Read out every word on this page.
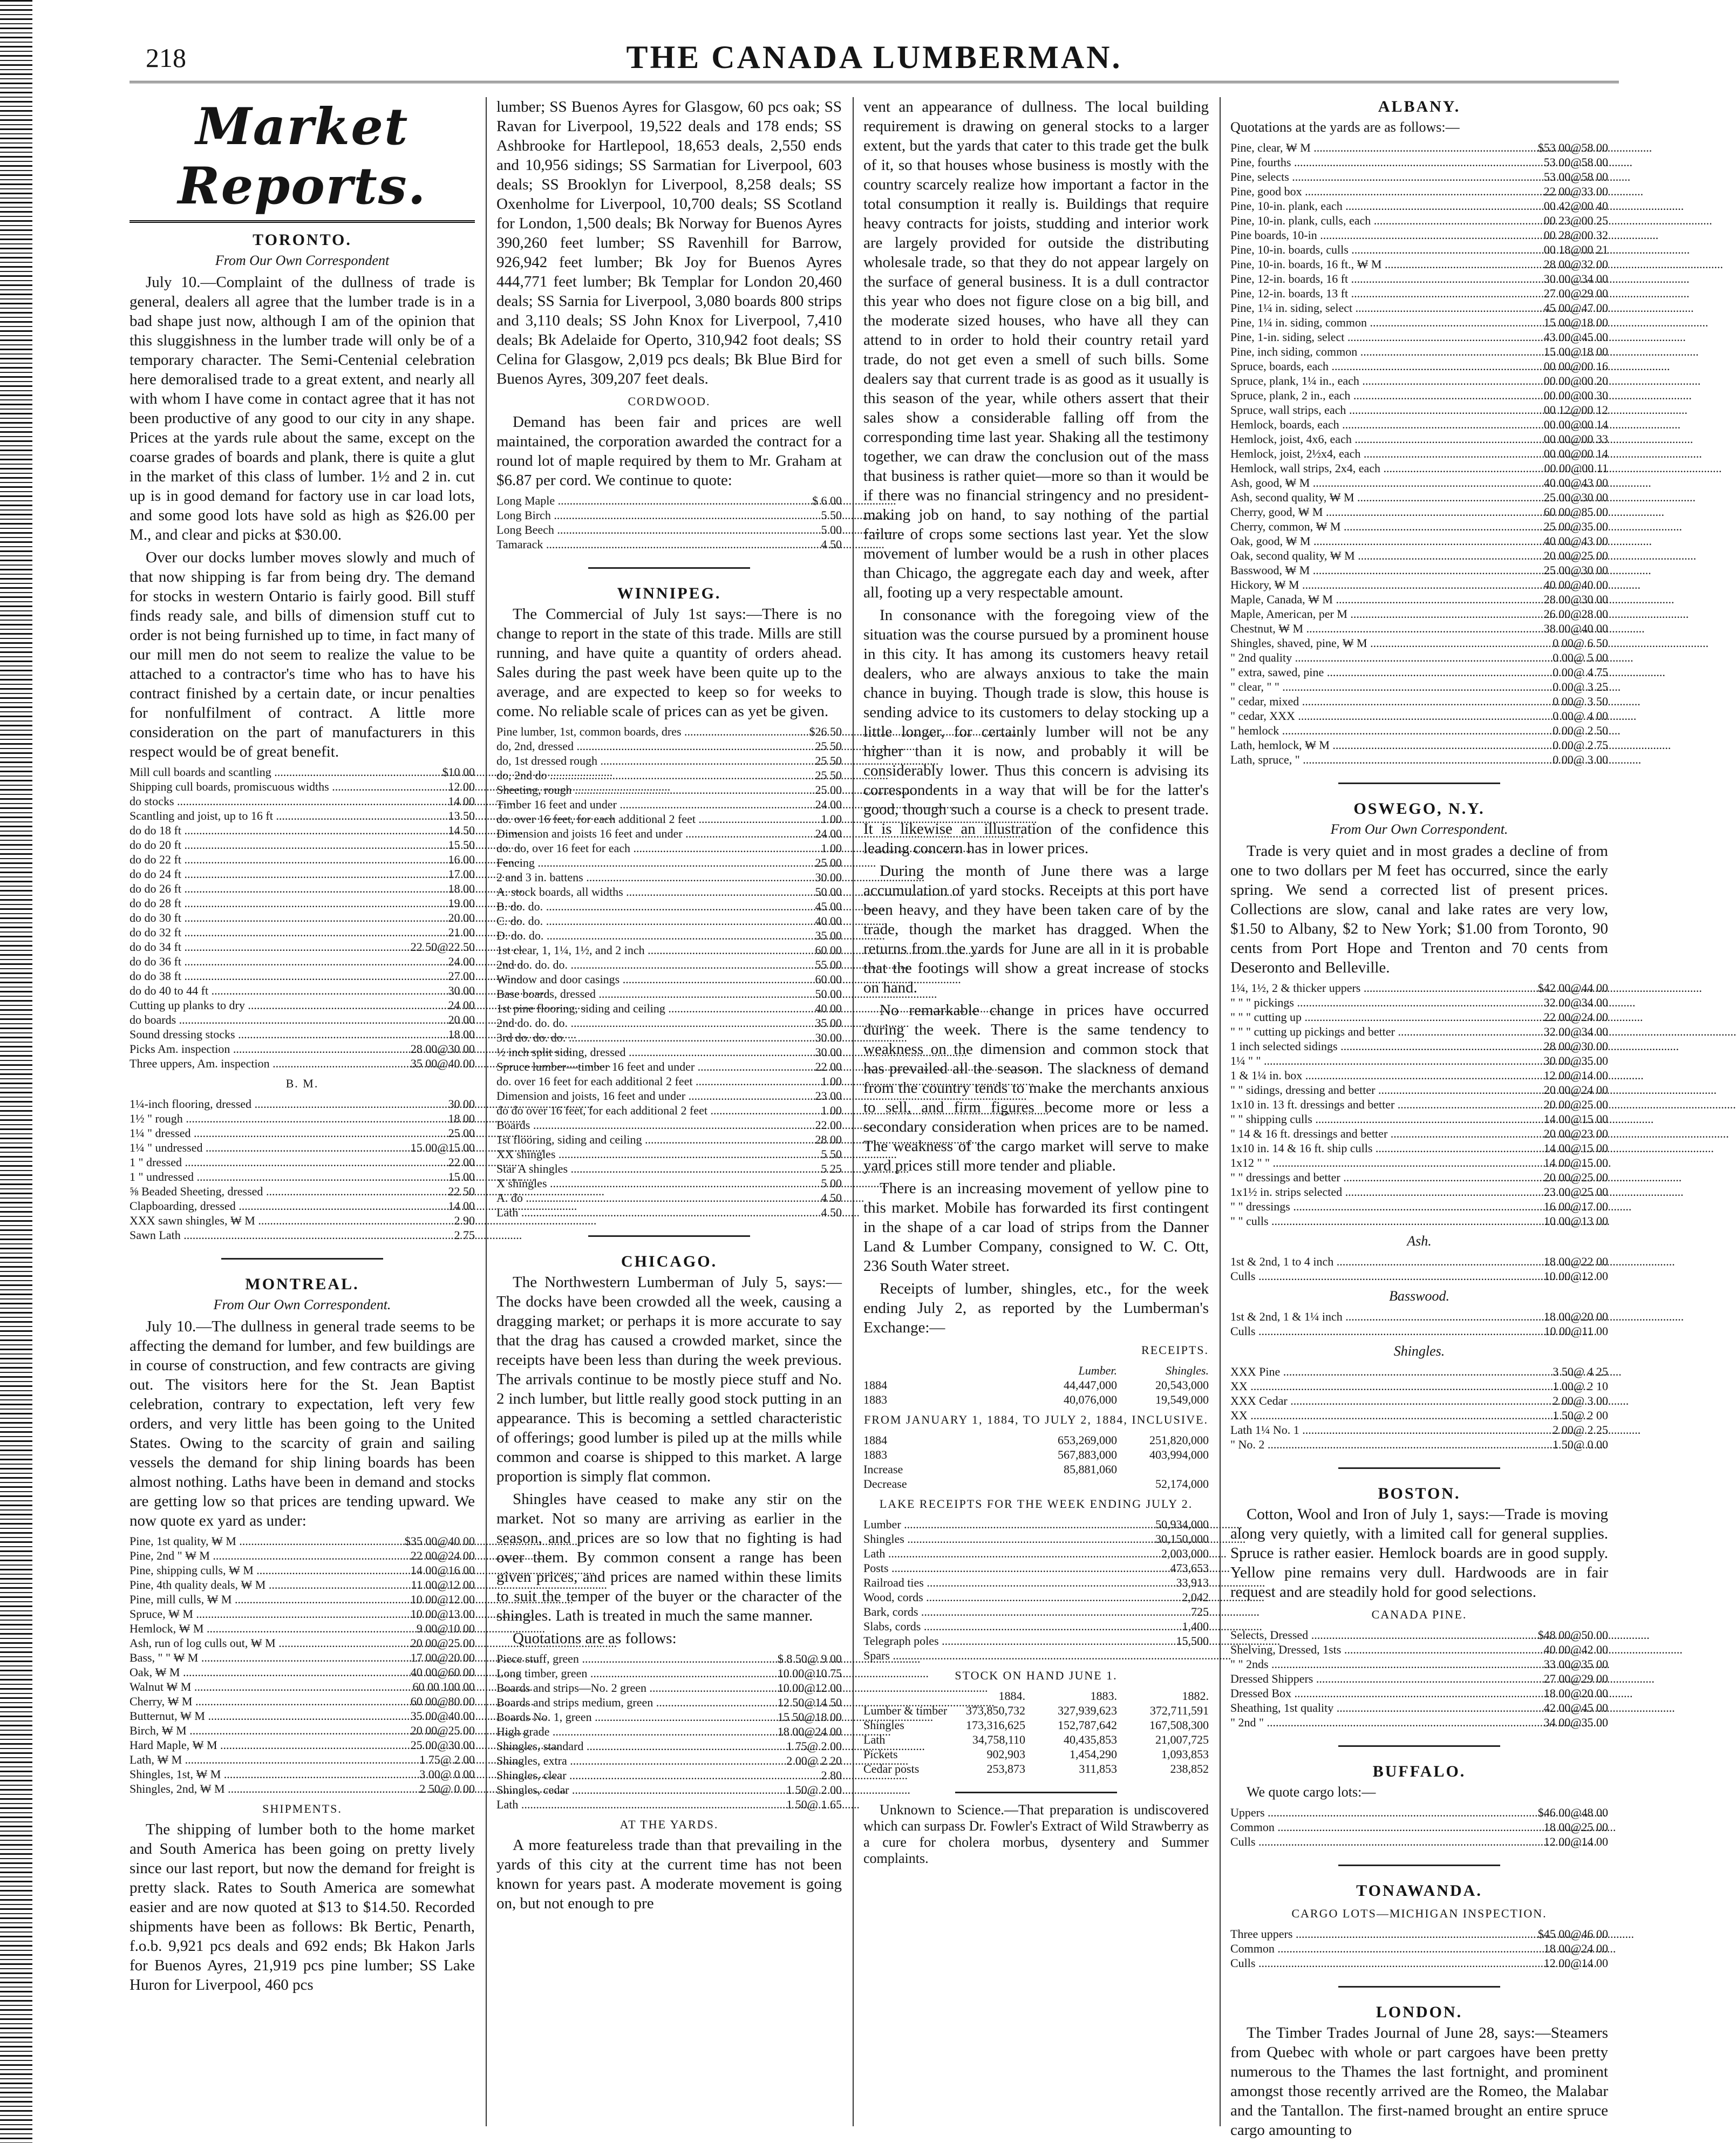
218	THE CANADA LUMBERMAN.
Market Reports.
TORONTO.
From Our Own Correspondent

July 10.—Complaint of the dullness of trade is general, dealers all agree that the lumber trade is in a bad shape just now, although I am of the opinion that this sluggishness in the lumber trade will only be of a temporary character. The Semi-Centenial celebration here demoralised trade to a great extent, and nearly all with whom I have come in contact agree that it has not been productive of any good to our city in any shape. Prices at the yards rule about the same, except on the coarse grades of boards and plank, there is quite a glut in the market of this class of lumber. 1½ and 2 in. cut up is in good demand for factory use in car load lots, and some good lots have sold as high as $26.00 per M., and clear and picks at $30.00.

Over our docks lumber moves slowly and much of that now shipping is far from being dry. The demand for stocks in western Ontario is fairly good. Bill stuff finds ready sale, and bills of dimension stuff cut to order is not being furnished up to time, in fact many of our mill men do not seem to realize the value to be attached to a contractor's time who has to have his contract finished by a certain date, or incur penalties for nonfulfilment of contract. A little more consideration on the part of manufacturers in this respect would be of great benefit.

Mill cull boards and scantling .....	$10 00
Shipping cull boards, promiscuous widths .....	12 00
do stocks .....	14 00
Scantling and joist, up to 16 ft .....	13 50
do do 18 ft .....	14 50
do do 20 ft .....	15 50
do do 22 ft .....	16 00
do do 24 ft .....	17 00
do do 26 ft .....	18 00
do do 28 ft .....	19 00
do do 30 ft .....	20 00
do do 32 ft .....	21 00
do do 34 ft .....	22 50@22 50
do do 36 ft .....	24 00
do do 38 ft .....	27 00
do do 40 to 44 ft .....	30 00
Cutting up planks to dry .....	24 00
do boards .....	20 00
Sound dressing stocks .....	18 00
Picks Am. inspection .....	28 00@30 00
Three uppers, Am. inspection .....	35 00@40 00
B. M.
1¼-inch flooring, dressed .....	30 00
1½ " rough .....	18 00
1¼ " dressed .....	25 00
1¼ " undressed .....	15 00@15 00
1 " dressed .....	22 00
1 " undressed .....	15 00
⅝ Beaded Sheeting, dressed .....	22 50
Clapboarding, dressed .....	14 00
XXX sawn shingles, ₩ M .....	2 90
Sawn Lath .....	2 75
MONTREAL.
From Our Own Correspondent.

July 10.—The dullness in general trade seems to be affecting the demand for lumber, and few buildings are in course of construction, and few contracts are giving out. The visitors here for the St. Jean Baptist celebration, contrary to expectation, left very few orders, and very little has been going to the United States. Owing to the scarcity of grain and sailing vessels the demand for ship lining boards has been almost nothing. Laths have been in demand and stocks are getting low so that prices are tending upward. We now quote ex yard as under:

Pine, 1st quality, ₩ M .....	$35 00@40 00
Pine, 2nd " ₩ M .....	22 00@24 00
Pine, shipping culls, ₩ M .....	14 00@16 00
Pine, 4th quality deals, ₩ M .....	11 00@12 00
Pine, mill culls, ₩ M .....	10 00@12 00
Spruce, ₩ M .....	10 00@13 00
Hemlock, ₩ M .....	9 00@10 00
Ash, run of log culls out, ₩ M .....	20 00@25 00
Bass, " " ₩ M .....	17 00@20 00
Oak, ₩ M .....	40 00@60 00
Walnut ₩ M .....	60 00 100 00
Cherry, ₩ M .....	60 00@80 00
Butternut, ₩ M .....	35 00@40 00
Birch, ₩ M .....	20 00@25 00
Hard Maple, ₩ M .....	25 00@30 00
Lath, ₩ M .....	1 75@ 2 00
Shingles, 1st, ₩ M .....	3 00@ 0 00
Shingles, 2nd, ₩ M .....	2 50@ 0 00
SHIPMENTS.

The shipping of lumber both to the home market and South America has been going on pretty lively since our last report, but now the demand for freight is pretty slack. Rates to South America are somewhat easier and are now quoted at $13 to $14.50. Recorded shipments have been as follows: Bk Bertic, Penarth, f.o.b. 9,921 pcs deals and 692 ends; Bk Hakon Jarls for Buenos Ayres, 21,919 pcs pine lumber; SS Lake Huron for Liverpool, 460 pcs

lumber; SS Buenos Ayres for Glasgow, 60 pcs oak; SS Ravan for Liverpool, 19,522 deals and 178 ends; SS Ashbrooke for Hartlepool, 18,653 deals, 2,550 ends and 10,956 sidings; SS Sarmatian for Liverpool, 603 deals; SS Brooklyn for Liverpool, 8,258 deals; SS Oxenholme for Liverpool, 10,700 deals; SS Scotland for London, 1,500 deals; Bk Norway for Buenos Ayres 390,260 feet lumber; SS Ravenhill for Barrow, 926,942 feet lumber; Bk Joy for Buenos Ayres 444,771 feet lumber; Bk Templar for London 20,460 deals; SS Sarnia for Liverpool, 3,080 boards 800 strips and 3,110 deals; SS John Knox for Liverpool, 7,410 deals; Bk Adelaide for Operto, 310,942 foot deals; SS Celina for Glasgow, 2,019 pcs deals; Bk Blue Bird for Buenos Ayres, 309,207 feet deals.

CORDWOOD.

Demand has been fair and prices are well maintained, the corporation awarded the contract for a round lot of maple required by them to Mr. Graham at $6.87 per cord. We continue to quote:

Long Maple .....	$ 6 00
Long Birch .....	5 50
Long Beech .....	5 00
Tamarack .....	4 50
WINNIPEG.

The Commercial of July 1st says:—There is no change to report in the state of this trade. Mills are still running, and have quite a quantity of orders ahead. Sales during the past week have been quite up to the average, and are expected to keep so for weeks to come. No reliable scale of prices can as yet be given.

Pine lumber, 1st, common boards, dres .....	$26 50
do, 2nd, dressed .....	25 50
do, 1st dressed rough .....	25 50
do, 2nd do .....	25 50
Sheeting, rough .....	25 00
Timber 16 feet and under .....	24 00
do. over 16 feet, for each additional 2 feet .....	1 00
Dimension and joists 16 feet and under .....	24 00
do. do, over 16 feet for each .....	1 00
Fencing .....	25 00
2 and 3 in. battens .....	30 00
A. stock boards, all widths .....	50 00
B. do. do. .....	45 00
C. do. do. .....	40 00
D. do. do. .....	35 00
1st clear, 1, 1¼, 1½, and 2 inch .....	60 00
2nd do. do. do. .....	55 00
Window and door casings .....	60 00
Base boards, dressed .....	50 00
1st pine flooring, siding and ceiling .....	40 00
2nd do. do. do. .....	35 00
3rd do. do. do. .....	30 00
½ inch split siding, dressed .....	30 00
Spruce lumber—timber 16 feet and under .....	22 00
do. over 16 feet for each additional 2 feet .....	1 00
Dimension and joists, 16 feet and under .....	23 00
do do over 16 feet, for each additional 2 feet .....	1 00
Boards .....	22 00
1st flooring, siding and ceiling .....	28 00
XX shingles .....	5 50
Star A shingles .....	5 25
X shingles .....	5 00
A. do .....	4 50
Lath .....	4 50
CHICAGO.

The Northwestern Lumberman of July 5, says:—The docks have been crowded all the week, causing a dragging market; or perhaps it is more accurate to say that the drag has caused a crowded market, since the receipts have been less than during the week previous. The arrivals continue to be mostly piece stuff and No. 2 inch lumber, but little really good stock putting in an appearance. This is becoming a settled characteristic of offerings; good lumber is piled up at the mills while common and coarse is shipped to this market. A large proportion is simply flat common.

Shingles have ceased to make any stir on the market. Not so many are arriving as earlier in the season, and prices are so low that no fighting is had over them. By common consent a range has been given prices, and prices are named within these limits to suit the temper of the buyer or the character of the shingles. Lath is treated in much the same manner.

Quotations are as follows:

Piece stuff, green .....	$ 8 50@ 9 00
Long timber, green .....	10 00@10 75
Boards and strips—No. 2 green .....	10 00@12 00
Boards and strips medium, green .....	12 50@14 50
Boards No. 1, green .....	15 50@18 00
High grade .....	18 00@24 00
Shingles, standard .....	1 75@ 2 00
Shingles, extra .....	2 00@ 2 20
Shingles, clear .....	2 80
Shingles, cedar .....	1 50@ 2 00
Lath .....	1 50@ 1 65
AT THE YARDS.

A more featureless trade than that prevailing in the yards of this city at the current time has not been known for years past. A moderate movement is going on, but not enough to pre

vent an appearance of dullness. The local building requirement is drawing on general stocks to a larger extent, but the yards that cater to this trade get the bulk of it, so that houses whose business is mostly with the country scarcely realize how important a factor in the total consumption it really is. Buildings that require heavy contracts for joists, studding and interior work are largely provided for outside the distributing wholesale trade, so that they do not appear largely on the surface of general business. It is a dull contractor this year who does not figure close on a big bill, and the moderate sized houses, who have all they can attend to in order to hold their country retail yard trade, do not get even a smell of such bills. Some dealers say that current trade is as good as it usually is this season of the year, while others assert that their sales show a considerable falling off from the corresponding time last year. Shaking all the testimony together, we can draw the conclusion out of the mass that business is rather quiet—more so than it would be if there was no financial stringency and no president-making job on hand, to say nothing of the partial failure of crops some sections last year. Yet the slow movement of lumber would be a rush in other places than Chicago, the aggregate each day and week, after all, footing up a very respectable amount.

In consonance with the foregoing view of the situation was the course pursued by a prominent house in this city. It has among its customers heavy retail dealers, who are always anxious to take the main chance in buying. Though trade is slow, this house is sending advice to its customers to delay stocking up a little longer, for certainly lumber will not be any higher than it is now, and probably it will be considerably lower. Thus this concern is advising its correspondents in a way that will be for the latter's good, though such a course is a check to present trade. It is likewise an illustration of the confidence this leading concern has in lower prices.

During the month of June there was a large accumulation of yard stocks. Receipts at this port have been heavy, and they have been taken care of by the trade, though the market has dragged. When the returns from the yards for June are all in it is probable that the footings will show a great increase of stocks on hand.

No remarkable change in prices have occurred during the week. There is the same tendency to weakness on the dimension and common stock that has prevailed all the season. The slackness of demand from the country tends to make the merchants anxious to sell, and firm figures become more or less a secondary consideration when prices are to be named. The weakness of the cargo market will serve to make yard prices still more tender and pliable.

There is an increasing movement of yellow pine to this market. Mobile has forwarded its first contingent in the shape of a car load of strips from the Danner Land & Lumber Company, consigned to W. C. Ott, 236 South Water street.

Receipts of lumber, shingles, etc., for the week ending July 2, as reported by the Lumberman's Exchange:—

RECEIPTS.
	Lumber.	Shingles.
1884	44,447,000	20,543,000
1883	40,076,000	19,549,000
FROM JANUARY 1, 1884, TO JULY 2, 1884, INCLUSIVE.
1884	653,269,000	251,820,000
1883	567,883,000	403,994,000
Increase	85,881,060	
Decrease		52,174,000
LAKE RECEIPTS FOR THE WEEK ENDING JULY 2.
Lumber .....	50,934,000
Shingles .....	30,150,000
Lath .....	2,003,000
Posts .....	473,653
Railroad ties .....	33,913
Wood, cords .....	2,042
Bark, cords .....	725
Slabs, cords .....	1,400
Telegraph poles .....	15,500
Spars .....	
STOCK ON HAND JUNE 1.
	1884.	1883.	1882.
Lumber & timber	373,850,732	327,939,623	372,711,591
Shingles	173,316,625	152,787,642	167,508,300
Lath	34,758,110	40,435,853	21,007,725
Pickets	902,903	1,454,290	1,093,853
Cedar posts	253,873	311,853	238,852

Unknown to Science.—That preparation is undiscovered which can surpass Dr. Fowler's Extract of Wild Strawberry as a cure for cholera morbus, dysentery and Summer complaints.

ALBANY.
Quotations at the yards are as follows:—
Pine, clear, ₩ M .....	$53 00@58 00
Pine, fourths .....	53 00@58 00
Pine, selects .....	53 00@58 00
Pine, good box .....	22 00@33 00
Pine, 10-in. plank, each .....	00 42@00 40
Pine, 10-in. plank, culls, each .....	00 23@00 25
Pine boards, 10-in .....	00 28@00 32
Pine, 10-in. boards, culls .....	00 18@00 21
Pine, 10-in. boards, 16 ft., ₩ M .....	28 00@32 00
Pine, 12-in. boards, 16 ft .....	30 00@34 00
Pine, 12-in. boards, 13 ft .....	27 00@29 00
Pine, 1¼ in. siding, select .....	45 00@47 00
Pine, 1¼ in. siding, common .....	15 00@18 00
Pine, 1-in. siding, select .....	43 00@45 00
Pine, inch siding, common .....	15 00@18 00
Spruce, boards, each .....	00 00@00 16
Spruce, plank, 1¼ in., each .....	00 00@00 20
Spruce, plank, 2 in., each .....	00 00@00 30
Spruce, wall strips, each .....	00 12@00 12
Hemlock, boards, each .....	00 00@00 14
Hemlock, joist, 4x6, each .....	00 00@00 33
Hemlock, joist, 2½x4, each .....	00 00@00 14
Hemlock, wall strips, 2x4, each .....	00 00@00 11
Ash, good, ₩ M .....	40 00@43 00
Ash, second quality, ₩ M .....	25 00@30 00
Cherry, good, ₩ M .....	60 00@85 00
Cherry, common, ₩ M .....	25 00@35 00
Oak, good, ₩ M .....	40 00@43 00
Oak, second quality, ₩ M .....	20 00@25 00
Basswood, ₩ M .....	25 00@30 00
Hickory, ₩ M .....	40 00@40 00
Maple, Canada, ₩ M .....	28 00@30 00
Maple, American, per M .....	26 00@28 00
Chestnut, ₩ M .....	38 00@40 00
Shingles, shaved, pine, ₩ M .....	0 00@ 6 50
" 2nd quality .....	0 00@ 5 00
" extra, sawed, pine .....	0 00@ 4 75
" clear, " " .....	0 00@ 3 25
" cedar, mixed .....	0 00@ 3 50
" cedar, XXX .....	0 00@ 4 00
" hemlock .....	0 00@ 2 50
Lath, hemlock, ₩ M .....	0 00@ 2 75
Lath, spruce, " .....	0 00@ 3 00
OSWEGO, N.Y.
From Our Own Correspondent.

Trade is very quiet and in most grades a decline of from one to two dollars per M feet has occurred, since the early spring. We send a corrected list of present prices. Collections are slow, canal and lake rates are very low, $1.50 to Albany, $2 to New York; $1.00 from Toronto, 90 cents from Port Hope and Trenton and 70 cents from Deseronto and Belleville.

1¼, 1½, 2 & thicker uppers .....	$42 00@44 00
" " " pickings .....	32 00@34 00
" " " cutting up .....	22 00@24 00
" " " cutting up pickings and better .....	32 00@34 00
1 inch selected sidings .....	28 00@30 00
1¼ " " .....	30 00@35 00
1 & 1¼ in. box .....	12 00@14 00
" " sidings, dressing and better .....	20 00@24 00
1x10 in. 13 ft. dressings and better .....	20 00@25 00
" " shipping culls .....	14 00@15 00
" 14 & 16 ft. dressings and better .....	20 00@23 00
1x10 in. 14 & 16 ft. ship culls .....	14 00@15 00
1x12 " " .....	14 00@15 00
" " dressings and better .....	20 00@25 00
1x1½ in. strips selected .....	23 00@25 00
" " dressings .....	16 00@17 00
" " culls .....	10 00@13 00
Ash.
1st & 2nd, 1 to 4 inch .....	18 00@22 00
Culls .....	10 00@12 00
Basswood.
1st & 2nd, 1 & 1¼ inch .....	18 00@20 00
Culls .....	10 00@11 00
Shingles.
XXX Pine .....	3 50@ 4 25
XX .....	1 00@ 2 10
XXX Cedar .....	2 00@ 3 00
XX .....	1 50@ 2 00
Lath 1¼ No. 1 .....	2 00@ 2 25
" No. 2 .....	1 50@ 0 00
BOSTON.

Cotton, Wool and Iron of July 1, says:—Trade is moving along very quietly, with a limited call for general supplies. Spruce is rather easier. Hemlock boards are in good supply. Yellow pine remains very dull. Hardwoods are in fair request and are steadily hold for good selections.

CANADA PINE.
Selects, Dressed .....	$48 00@50 00
Shelving, Dressed, 1sts .....	40 00@42 00
" " 2nds .....	33 00@35 00
Dressed Shippers .....	27 00@29 00
Dressed Box .....	18 00@20 00
Sheathing, 1st quality .....	42 00@45 00
" 2nd " .....	34 00@35 00
BUFFALO.
We quote cargo lots:—
Uppers .....	$46 00@48 00
Common .....	18 00@25 00
Culls .....	12 00@14 00
TONAWANDA.
CARGO LOTS—MICHIGAN INSPECTION.
Three uppers .....	$45 00@46 00
Common .....	18 00@24 00
Culls .....	12 00@14 00
LONDON.

The Timber Trades Journal of June 28, says:—Steamers from Quebec with whole or part cargoes have been pretty numerous to the Thames the last fortnight, and prominent amongst those recently arrived are the Romeo, the Malabar and the Tantallon. The first-named brought an entire spruce cargo amounting to
